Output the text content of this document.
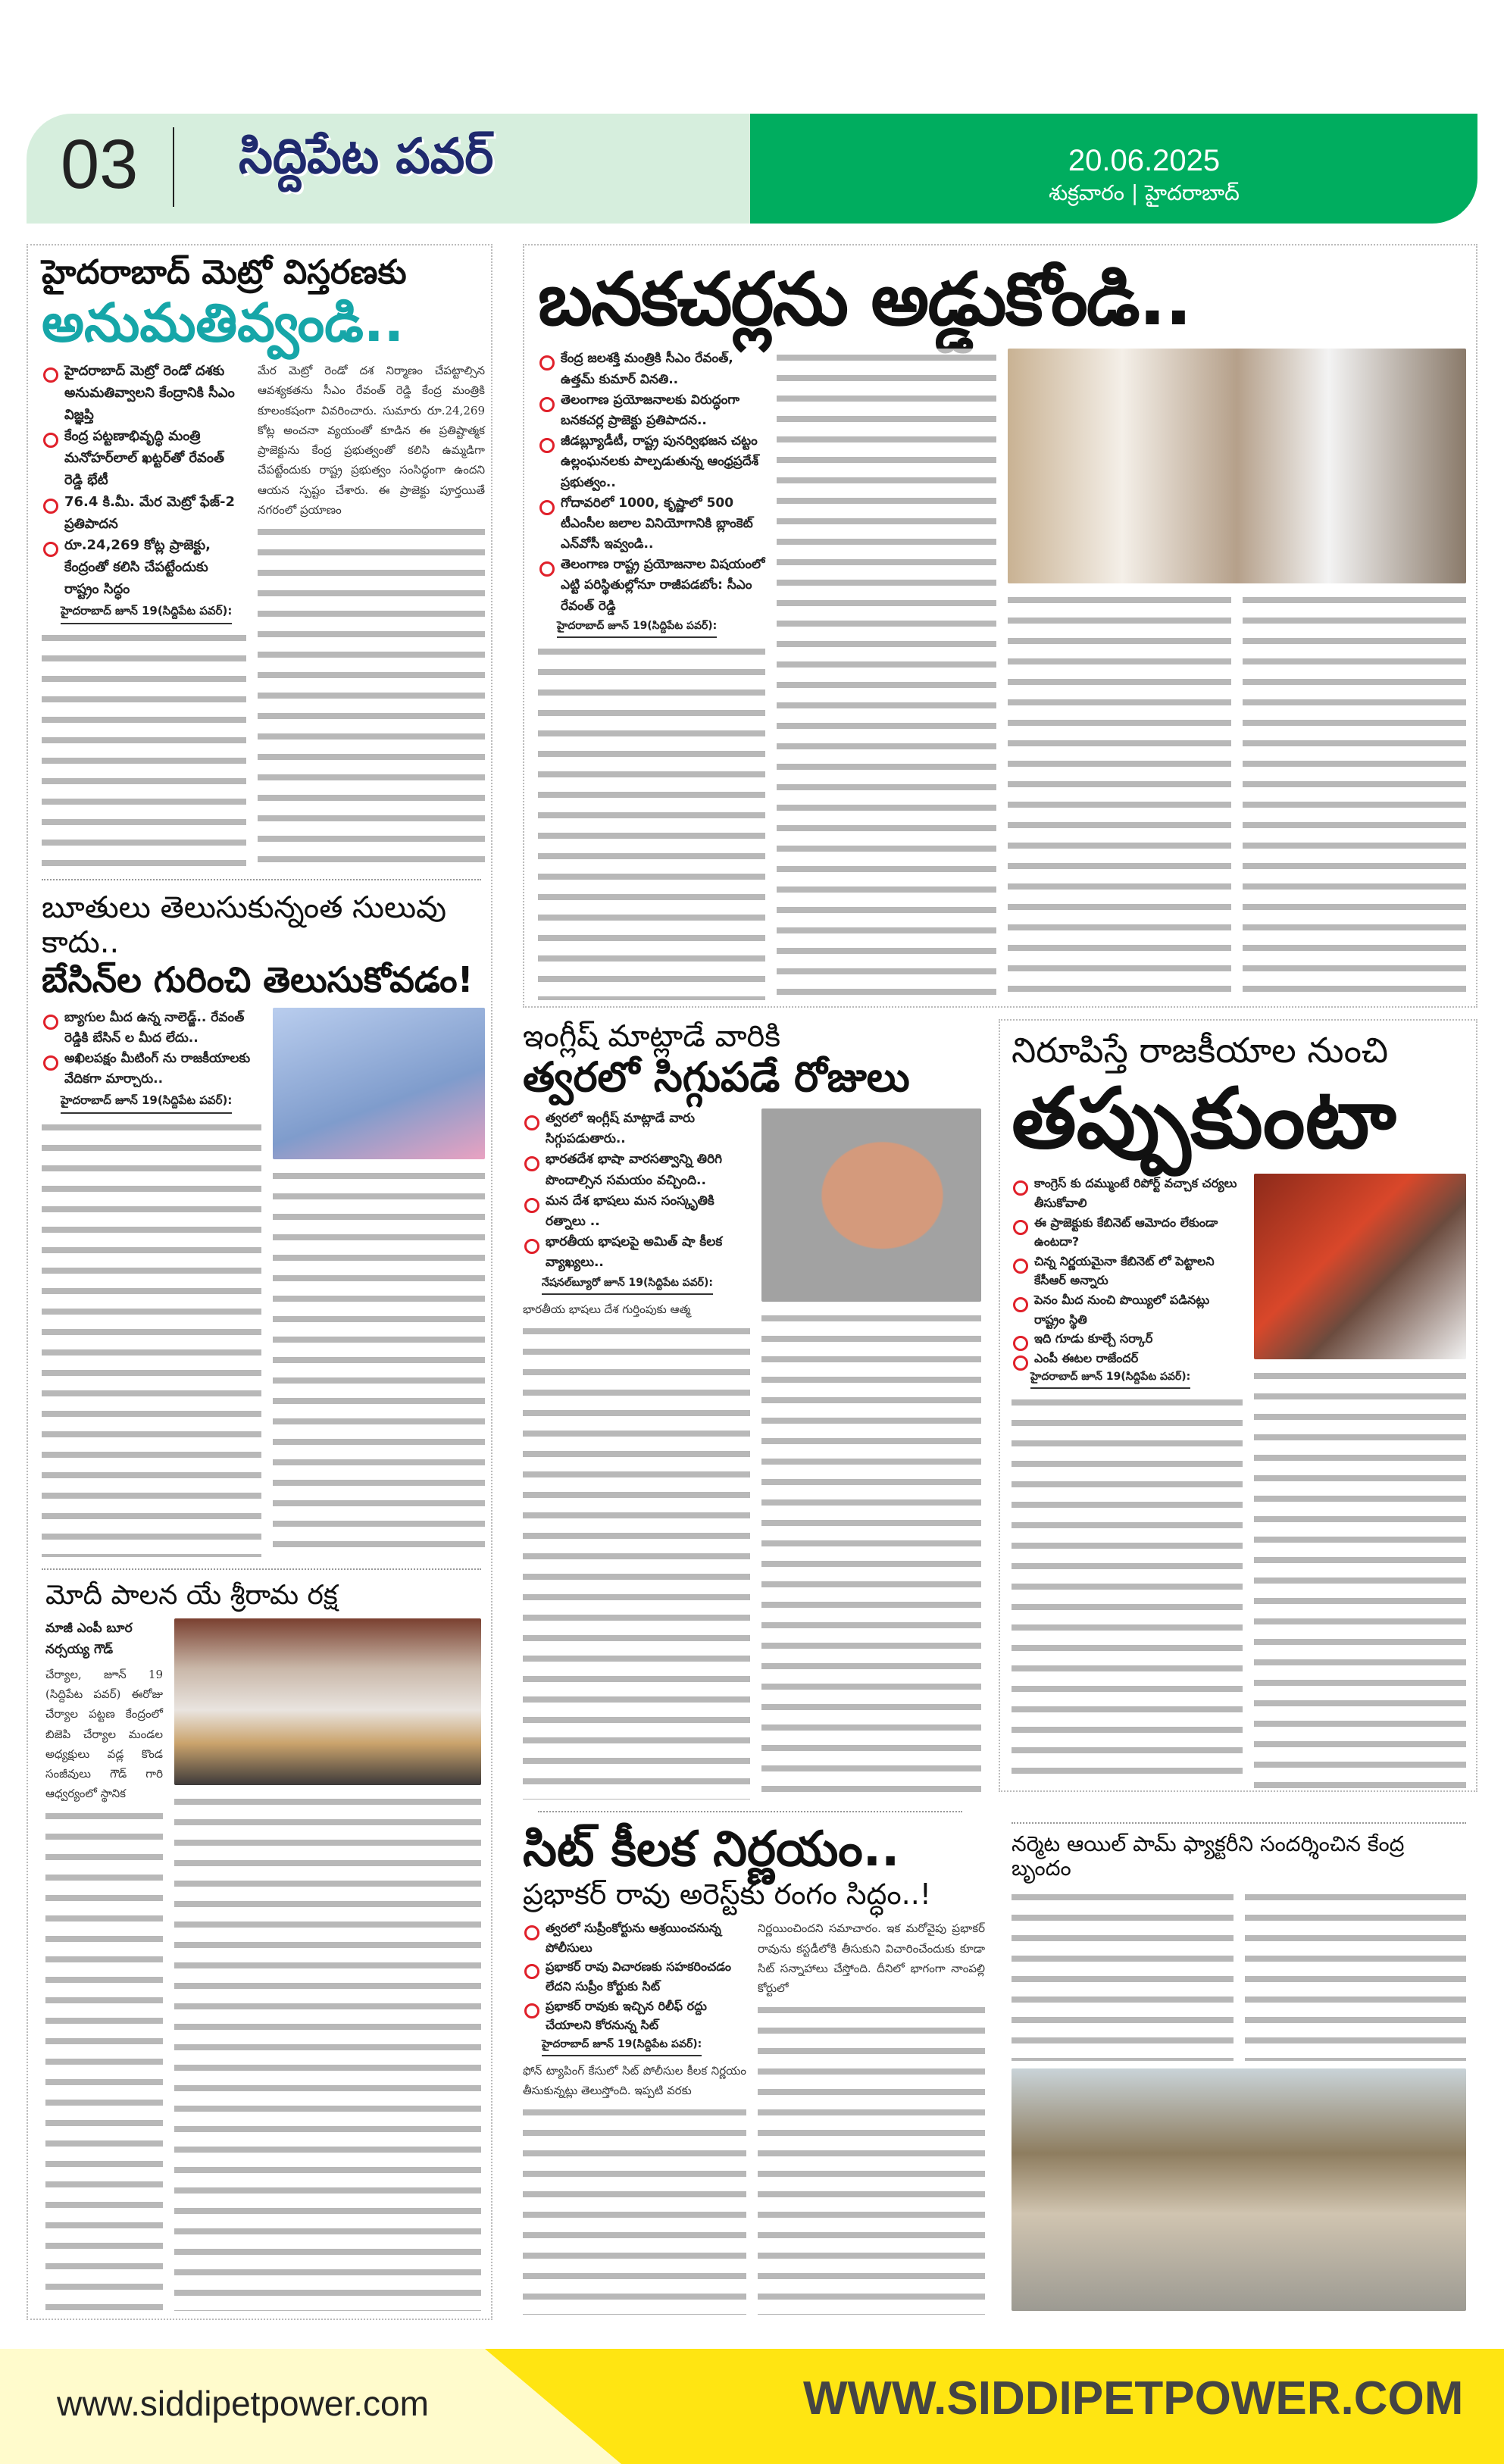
03 సిద్దిపేట పవర్	20.06.2025
శుక్రవారం | హైదరాబాద్
హైదరాబాద్ మెట్రో విస్తరణకు
అనుమతివ్వండి..
హైదరాబాద్ మెట్రో రెండో దశకు అనుమతివ్వాలని కేంద్రానికి సీఎం విజ్ఞప్తి
కేంద్ర పట్టణాభివృద్ధి మంత్రి మనోహర్‌లాల్ ఖట్టర్‌తో రేవంత్ రెడ్డి భేటీ
76.4 కి.మీ. మేర మెట్రో ఫేజ్-2 ప్రతిపాదన
రూ.24,269 కోట్ల ప్రాజెక్టు, కేంద్రంతో కలిసి చేపట్టేందుకు రాష్ట్రం సిద్ధం
హైదరాబాద్ జూన్ 19(సిద్దిపేట పవర్):
మేర మెట్రో రెండో దశ నిర్మాణం చేపట్టాల్సిన ఆవశ్యకతను సీఎం రేవంత్ రెడ్డి కేంద్ర మంత్రికి కూలంకషంగా వివరించారు. సుమారు రూ.24,269 కోట్ల అంచనా వ్యయంతో కూడిన ఈ ప్రతిష్టాత్మక ప్రాజెక్టును కేంద్ర ప్రభుత్వంతో కలిసి ఉమ్మడిగా చేపట్టేందుకు రాష్ట్ర ప్రభుత్వం సంసిద్ధంగా ఉందని ఆయన స్పష్టం చేశారు. ఈ ప్రాజెక్టు పూర్తయితే నగరంలో ప్రయాణం
బూతులు తెలుసుకున్నంత సులువు కాదు..
బేసిన్‌ల గురించి తెలుసుకోవడం!
బ్యాగుల మీద ఉన్న నాలెడ్జ్.. రేవంత్ రెడ్డికి బేసిన్ ల మీద లేదు..
అఖిలపక్షం మీటింగ్ ను రాజకీయాలకు వేదికగా మార్చారు..
హైదరాబాద్ జూన్ 19(సిద్దిపేట పవర్):
మోదీ పాలన యే శ్రీరామ రక్ష
మాజీ ఎంపీ బూర నర్సయ్య గౌడ్
చేర్యాల, జూన్ 19 (సిద్దిపేట పవర్) ఈరోజు చేర్యాల పట్టణ కేంద్రంలో బిజెపి చేర్యాల మండల అధ్యక్షులు వడ్ల కొండ సంజీవులు గౌడ్ గారి ఆధ్వర్యంలో స్థానిక
బనకచర్లను అడ్డుకోండి..
కేంద్ర జలశక్తి మంత్రికి సీఎం రేవంత్, ఉత్తమ్ కుమార్ వినతి..
తెలంగాణ ప్రయోజనాలకు విరుద్ధంగా బనకచర్ల ప్రాజెక్టు ప్రతిపాదన..
జీడబ్ల్యూడీటీ, రాష్ట్ర పునర్విభజన చట్టం ఉల్లంఘనలకు పాల్పడుతున్న ఆంధ్రప్రదేశ్ ప్రభుత్వం..
గోదావరిలో 1000, కృష్ణాలో 500 టీఎంసీల జలాల వినియోగానికి బ్లాంకెట్ ఎన్‌వోసీ ఇవ్వండి..
తెలంగాణ రాష్ట్ర ప్రయోజనాల విషయంలో ఎట్టి పరిస్థితుల్లోనూ రాజీపడబోం: సీఎం రేవంత్ రెడ్డి
హైదరాబాద్ జూన్ 19(సిద్దిపేట పవర్):
ఇంగ్లీష్ మాట్లాడే వారికి
త్వరలో సిగ్గుపడే రోజులు
త్వరలో ఇంగ్లీష్ మాట్లాడే వారు సిగ్గుపడుతారు..
భారతదేశ భాషా వారసత్వాన్ని తిరిగి పొందాల్సిన సమయం వచ్చింది..
మన దేశ భాషలు మన సంస్కృతికి రత్నాలు ..
భారతీయ భాషలపై అమిత్ షా కీలక వ్యాఖ్యలు..
నేషనల్‌బ్యూరో జూన్ 19(సిద్దిపేట పవర్):
భారతీయ భాషలు దేశ గుర్తింపుకు ఆత్మ
నిరూపిస్తే రాజకీయాల నుంచి
తప్పుకుంటా
కాంగ్రెస్ కు దమ్ముంటే రిపోర్ట్ వచ్చాక చర్యలు తీసుకోవాలి
ఈ ప్రాజెక్టుకు కేబినెట్ ఆమోదం లేకుండా ఉంటదా?
చిన్న నిర్ణయమైనా కేబినెట్ లో పెట్టాలని కేసీఆర్ అన్నారు
పెనం మీద నుంచి పొయ్యిలో పడినట్లు రాష్ట్రం స్థితి
ఇది గూడు కూల్చే సర్కార్
ఎంపీ ఈటల రాజేందర్
హైదరాబాద్ జూన్ 19(సిద్దిపేట పవర్):
సిట్ కీలక నిర్ణయం..
ప్రభాకర్ రావు అరెస్ట్‌కు రంగం సిద్ధం..!
త్వరలో సుప్రీంకోర్టును ఆశ్రయించనున్న పోలీసులు
ప్రభాకర్ రావు విచారణకు సహకరించడం లేదని సుప్రీం కోర్టుకు సిట్
ప్రభాకర్ రావుకు ఇచ్చిన రిలీఫ్ రద్దు చేయాలని కోరనున్న సిట్
హైదరాబాద్ జూన్ 19(సిద్దిపేట పవర్):
ఫోన్ ట్యాపింగ్ కేసులో సిట్ పోలీసుల కీలక నిర్ణయం తీసుకున్నట్లు తెలుస్తోంది. ఇప్పటి వరకు
నిర్ణయించిందని సమాచారం. ఇక మరోవైపు ప్రభాకర్ రావును కస్టడీలోకి తీసుకుని విచారించేందుకు కూడా సిట్ సన్నాహాలు చేస్తోంది. దీనిలో భాగంగా నాంపల్లి కోర్టులో
నర్మెట ఆయిల్ పామ్ ఫ్యాక్టరీని సందర్శించిన కేంద్ర బృందం
www.siddipetpower.com	WWW.SIDDIPETPOWER.COM
